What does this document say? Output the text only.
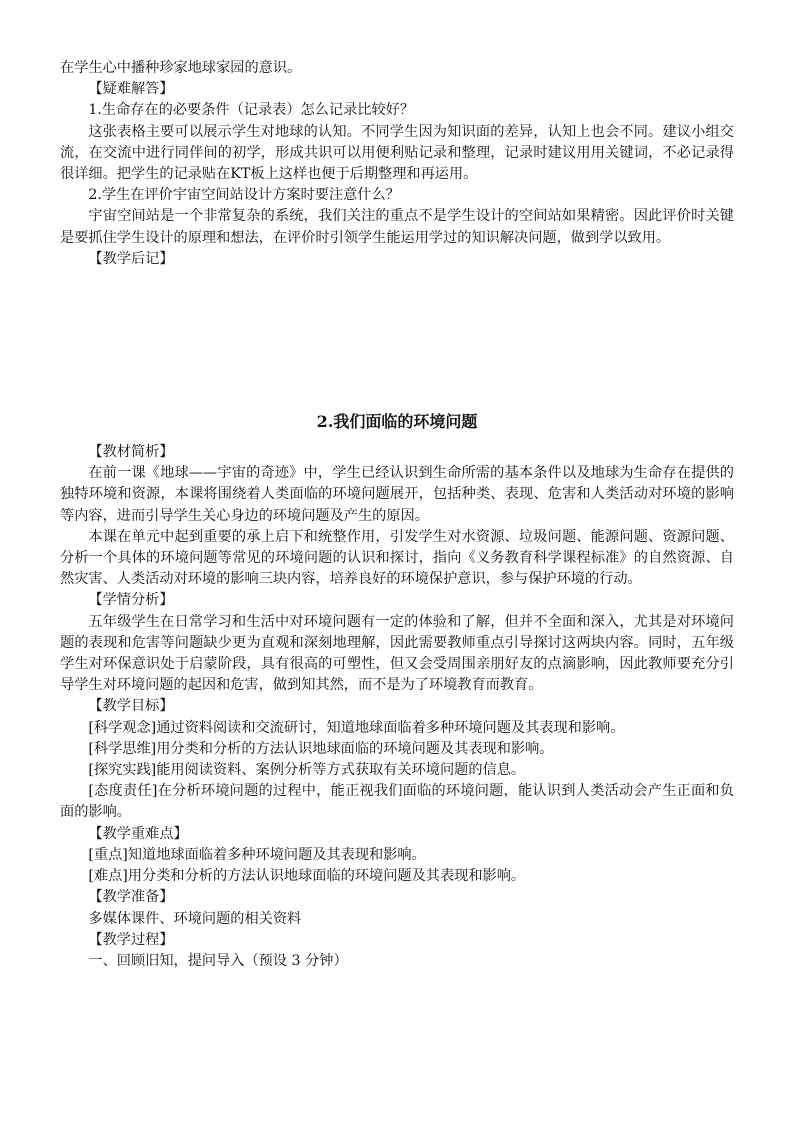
在学生心中播种珍家地球家园的意识。

【疑难解答】

1.生命存在的必要条件（记录表）怎么记录比较好？

这张表格主要可以展示学生对地球的认知。不同学生因为知识面的差异，认知上也会不同。建议小组交流，在交流中进行同伴间的初学，形成共识可以用便利贴记录和整理，记录时建议用用关键词，不必记录得很详细。把学生的记录贴在KT板上这样也便于后期整理和再运用。

2.学生在评价宇宙空间站设计方案时要注意什么？

宇宙空间站是一个非常复杂的系统，我们关注的重点不是学生设计的空间站如果精密。因此评价时关键是要抓住学生设计的原理和想法，在评价时引领学生能运用学过的知识解决问题，做到学以致用。

【教学后记】

2.我们面临的环境问题

【教材简析】

在前一课《地球——宇宙的奇迹》中，学生已经认识到生命所需的基本条件以及地球为生命存在提供的独特环境和资源，本课将围绕着人类面临的环境问题展开，包括种类、表现、危害和人类活动对环境的影响等内容，进而引导学生关心身边的环境问题及产生的原因。

本课在单元中起到重要的承上启下和统整作用，引发学生对水资源、垃圾问题、能源问题、资源问题、分析一个具体的环境问题等常见的环境问题的认识和探讨，指向《义务教育科学课程标准》的自然资源、自然灾害、人类活动对环境的影响三块内容，培养良好的环境保护意识，参与保护环境的行动。

【学情分析】

五年级学生在日常学习和生活中对环境问题有一定的体验和了解，但并不全面和深入，尤其是对环境问题的表现和危害等问题缺少更为直观和深刻地理解，因此需要教师重点引导探讨这两块内容。同时，五年级学生对环保意识处于启蒙阶段，具有很高的可塑性，但又会受周围亲朋好友的点滴影响，因此教师要充分引导学生对环境问题的起因和危害，做到知其然，而不是为了环境教育而教育。

【教学目标】

[科学观念]通过资料阅读和交流研讨，知道地球面临着多种环境问题及其表现和影响。

[科学思维]用分类和分析的方法认识地球面临的环境问题及其表现和影响。

[探究实践]能用阅读资料、案例分析等方式获取有关环境问题的信息。

[态度责任]在分析环境问题的过程中，能正视我们面临的环境问题，能认识到人类活动会产生正面和负面的影响。

【教学重难点】

[重点]知道地球面临着多种环境问题及其表现和影响。

[难点]用分类和分析的方法认识地球面临的环境问题及其表现和影响。

【教学准备】

多媒体课件、环境问题的相关资料

【教学过程】

一、回顾旧知，提问导入（预设 3 分钟）
